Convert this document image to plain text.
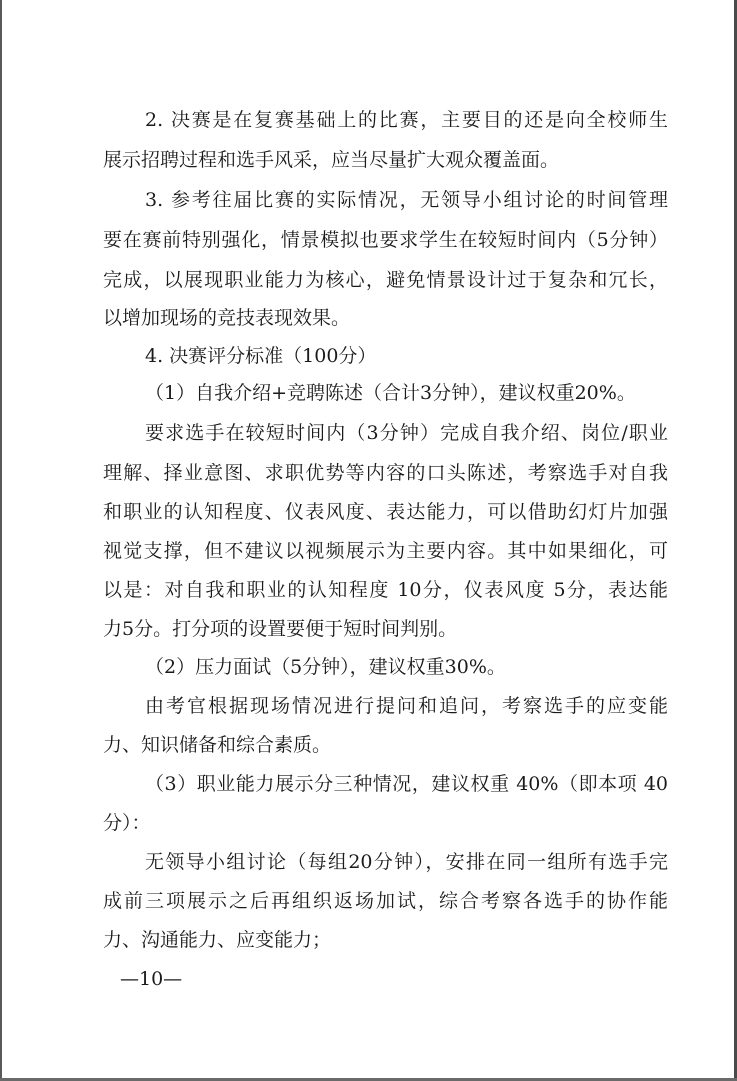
2. 决赛是在复赛基础上的比赛，主要目的还是向全校师生
展示招聘过程和选手风采，应当尽量扩大观众覆盖面。
3. 参考往届比赛的实际情况，无领导小组讨论的时间管理
要在赛前特别强化，情景模拟也要求学生在较短时间内（5分钟）
完成，以展现职业能力为核心，避免情景设计过于复杂和冗长，
以增加现场的竞技表现效果。
4. 决赛评分标准（100分）
（1）自我介绍+竞聘陈述（合计3分钟），建议权重20%。
要求选手在较短时间内（3分钟）完成自我介绍、岗位/职业
理解、择业意图、求职优势等内容的口头陈述，考察选手对自我
和职业的认知程度、仪表风度、表达能力，可以借助幻灯片加强
视觉支撑，但不建议以视频展示为主要内容。其中如果细化，可
以是：对自我和职业的认知程度 10分，仪表风度 5分，表达能
力5分。打分项的设置要便于短时间判别。
（2）压力面试（5分钟），建议权重30%。
由考官根据现场情况进行提问和追问，考察选手的应变能
力、知识储备和综合素质。
（3）职业能力展示分三种情况，建议权重 40%（即本项 40
分）：
无领导小组讨论（每组20分钟），安排在同一组所有选手完
成前三项展示之后再组织返场加试，综合考察各选手的协作能
力、沟通能力、应变能力；
—10—
